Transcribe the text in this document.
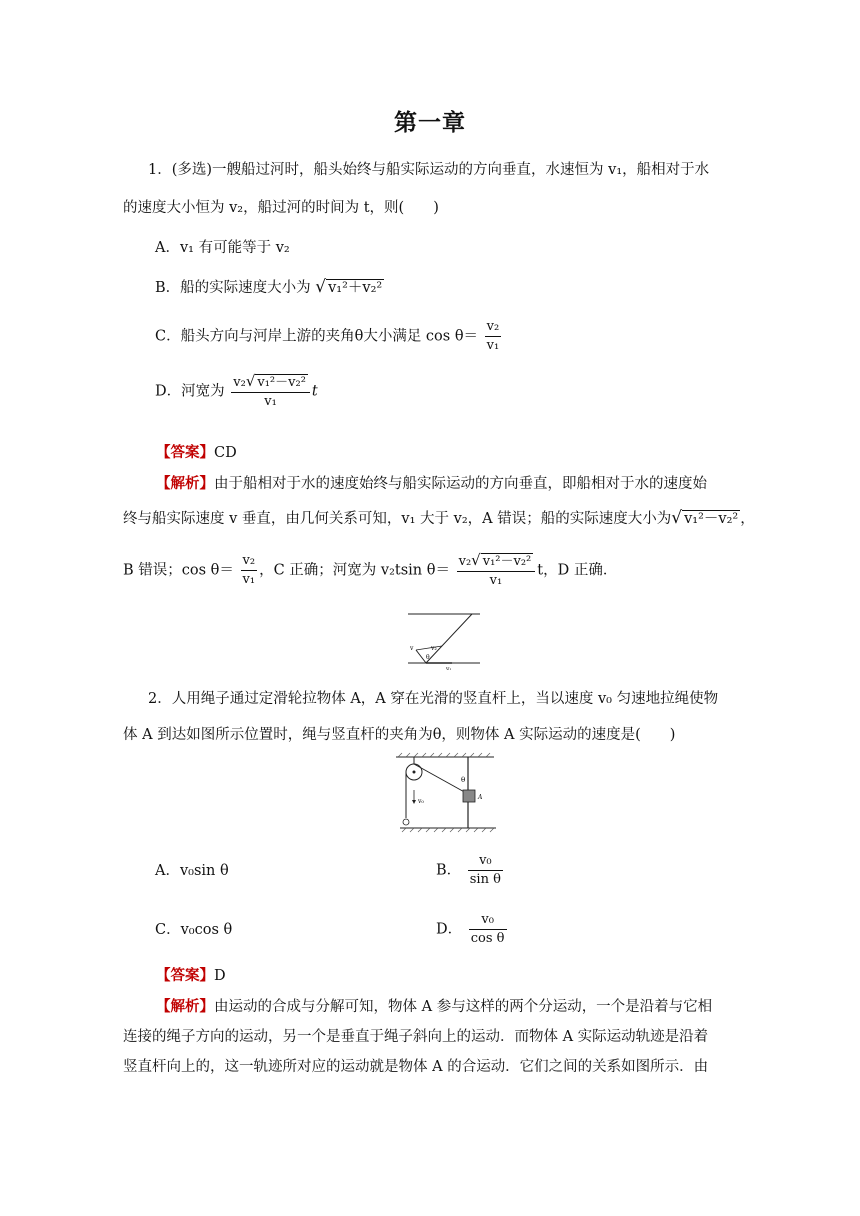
第一章
1．(多选)一艘船过河时，船头始终与船实际运动的方向垂直，水速恒为 v₁，船相对于水
的速度大小恒为 v₂，船过河的时间为 t，则(　　)
A．v₁ 有可能等于 v₂
B．船的实际速度大小为 √ v₁²＋v₂²
C．船头方向与河岸上游的夹角θ大小满足 $\cos \theta= \frac{\text{v₂}}{\text{v₁}}$
D．河宽为 $\frac{\text{v₂√ v₁²－v₂²}}{\text{v₁}}$ t
【答案】CD
【解析】由于船相对于水的速度始终与船实际运动的方向垂直，即船相对于水的速度始
终与船实际速度 v 垂直，由几何关系可知，v₁ 大于 v₂，A 错误；船的实际速度大小为√ v₁²－v₂² ，
B 错误；$\cos \theta= \frac{\text{v₂}}{\text{v₁}}$ ，C 正确；河宽为 v₂tsin $\theta= \frac{\text{v₂√ v₁²－v₂²}}{\text{v₁}}$ t，D 正确．
v	v₂
θ
v₁
2．人用绳子通过定滑轮拉物体 A，A 穿在光滑的竖直杆上，当以速度 v₀ 匀速地拉绳使物
体 A 到达如图所示位置时，绳与竖直杆的夹角为θ，则物体 A 实际运动的速度是(　　)
v₀
θ
A
A．v₀sin θ	B． $\frac{\text{v₀}}{\text{sin θ}}$
C．v₀cos θ	D． $\frac{\text{v₀}}{\text{cos θ}}$
【答案】D
【解析】由运动的合成与分解可知，物体 A 参与这样的两个分运动，一个是沿着与它相
连接的绳子方向的运动，另一个是垂直于绳子斜向上的运动．而物体 A 实际运动轨迹是沿着
竖直杆向上的，这一轨迹所对应的运动就是物体 A 的合运动．它们之间的关系如图所示．由
